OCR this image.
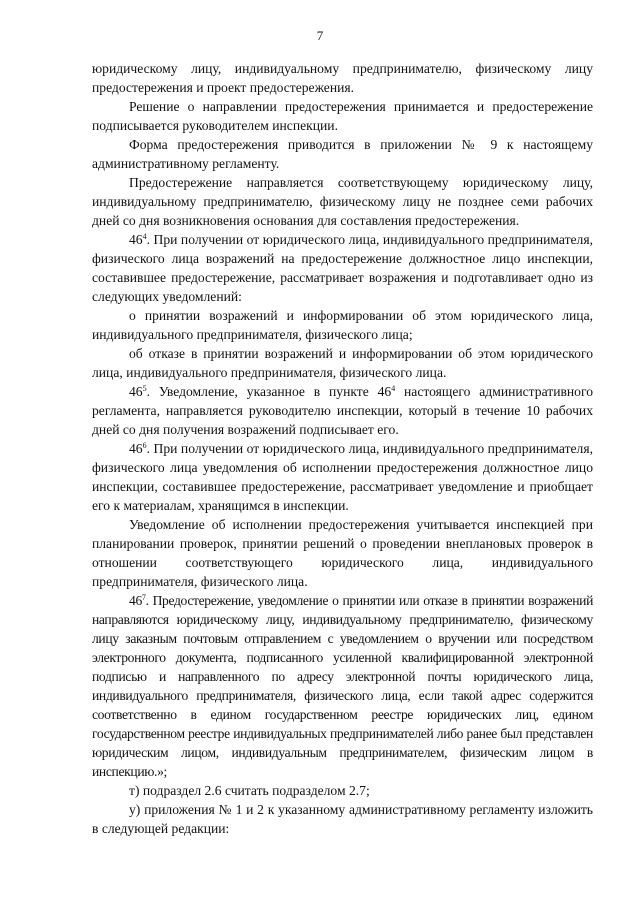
7

юридическому лицу, индивидуальному предпринимателю, физическому лицу предостережения и проект предостережения.

Решение о направлении предостережения принимается и предостережение подписывается руководителем инспекции.

Форма предостережения приводится в приложении № 9 к настоящему административному регламенту.

Предостережение направляется соответствующему юридическому лицу, индивидуальному предпринимателю, физическому лицу не позднее семи рабочих дней со дня возникновения основания для составления предостережения.

$46^4$. При получении от юридического лица, индивидуального предпринимателя, физического лица возражений на предостережение должностное лицо инспекции, составившее предостережение, рассматривает возражения и подготавливает одно из следующих уведомлений:

о принятии возражений и информировании об этом юридического лица, индивидуального предпринимателя, физического лица;

об отказе в принятии возражений и информировании об этом юридического лица, индивидуального предпринимателя, физического лица.

$46^5$. Уведомление, указанное в пункте $46^4$ настоящего административного регламента, направляется руководителю инспекции, который в течение 10 рабочих дней со дня получения возражений подписывает его.

$46^6$. При получении от юридического лица, индивидуального предпринимателя, физического лица уведомления об исполнении предостережения должностное лицо инспекции, составившее предостережение, рассматривает уведомление и приобщает его к материалам, хранящимся в инспекции.

Уведомление об исполнении предостережения учитывается инспекцией при планировании проверок, принятии решений о проведении внеплановых проверок в отношении соответствующего юридического лица, индивидуального предпринимателя, физического лица.

$46^7$. Предостережение, уведомление о принятии или отказе в принятии возражений направляются юридическому лицу, индивидуальному предпринимателю, физическому лицу заказным почтовым отправлением с уведомлением о вручении или посредством электронного документа, подписанного усиленной квалифицированной электронной подписью и направленного по адресу электронной почты юридического лица, индивидуального предпринимателя, физического лица, если такой адрес содержится соответственно в едином государственном реестре юридических лиц, едином государственном реестре индивидуальных предпринимателей либо ранее был представлен юридическим лицом, индивидуальным предпринимателем, физическим лицом в инспекцию.»;

т) подраздел 2.6 считать подразделом 2.7;

у) приложения № 1 и 2 к указанному административному регламенту изложить в следующей редакции:
